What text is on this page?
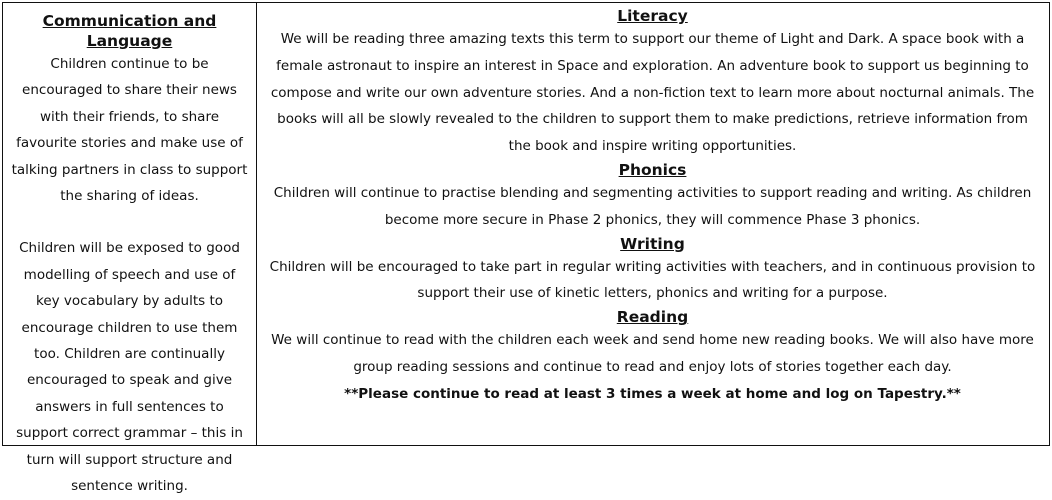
Communication and Language

Children continue to be encouraged to share their news with their friends, to share favourite stories and make use of talking partners in class to support the sharing of ideas.

Children will be exposed to good modelling of speech and use of key vocabulary by adults to encourage children to use them too. Children are continually encouraged to speak and give answers in full sentences to support correct grammar – this in turn will support structure and sentence writing.

Literacy

We will be reading three amazing texts this term to support our theme of Light and Dark. A space book with a female astronaut to inspire an interest in Space and exploration. An adventure book to support us beginning to compose and write our own adventure stories. And a non-fiction text to learn more about nocturnal animals. The books will all be slowly revealed to the children to support them to make predictions, retrieve information from the book and inspire writing opportunities.

Phonics

Children will continue to practise blending and segmenting activities to support reading and writing. As children become more secure in Phase 2 phonics, they will commence Phase 3 phonics.

Writing

Children will be encouraged to take part in regular writing activities with teachers, and in continuous provision to support their use of kinetic letters, phonics and writing for a purpose.

Reading

We will continue to read with the children each week and send home new reading books. We will also have more group reading sessions and continue to read and enjoy lots of stories together each day.

**Please continue to read at least 3 times a week at home and log on Tapestry.**
